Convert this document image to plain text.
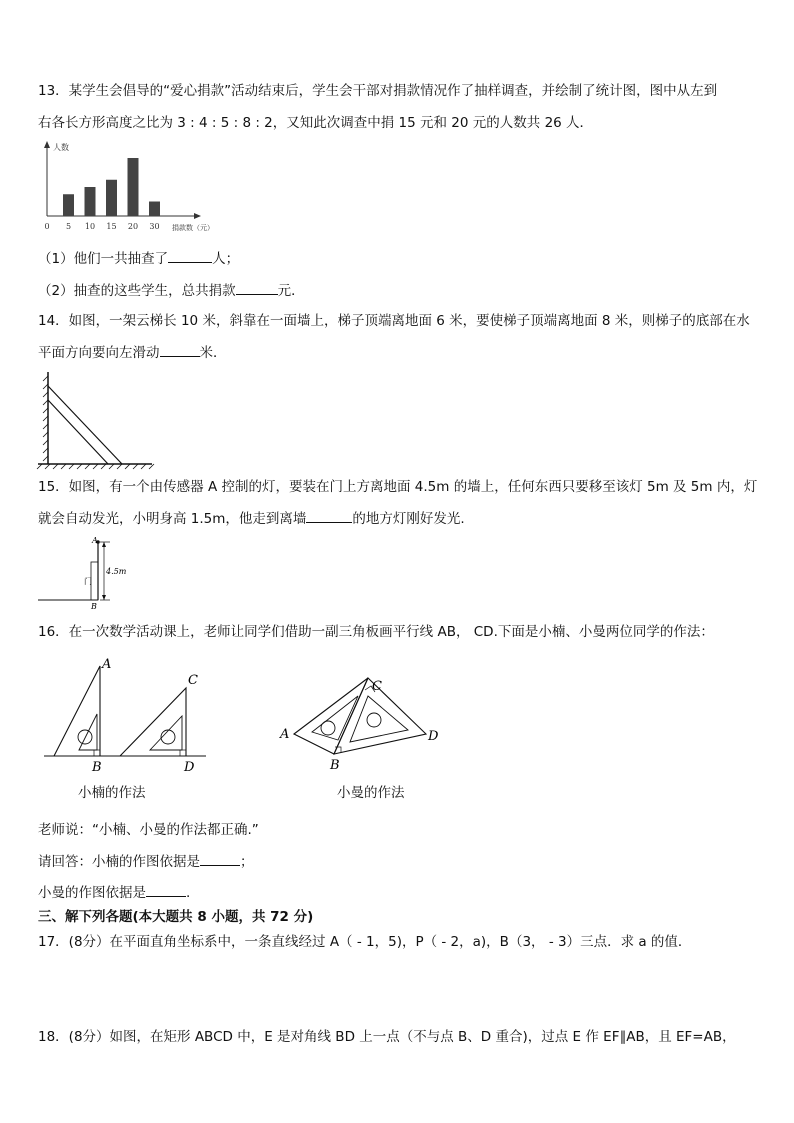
13．某学生会倡导的“爱心捐款”活动结束后，学生会干部对捐款情况作了抽样调查，并绘制了统计图，图中从左到
右各长方形高度之比为 3 : 4 : 5 : 8 : 2，又知此次调查中捐 15 元和 20 元的人数共 26 人．
人数
0 5 10 15 20 30 捐款数（元）
（1）他们一共抽查了	人；
（2）抽查的这些学生，总共捐款	元．
14．如图，一架云梯长 10 米，斜靠在一面墙上，梯子顶端离地面 6 米，要使梯子顶端离地面 8 米，则梯子的底部在水
平面方向要向左滑动	米．
15．如图，有一个由传感器 A 控制的灯，要装在门上方离地面 4.5m 的墙上，任何东西只要移至该灯 5m 及 5m 内，灯
就会自动发光，小明身高 1.5m，他走到离墙	的地方灯刚好发光.
A
门
B
4.5m
16．在一次数学活动课上，老师让同学们借助一副三角板画平行线 AB， CD.下面是小楠、小曼两位同学的作法：
A
B
C
D
A
B
C
D
小楠的作法	小曼的作法
老师说：“小楠、小曼的作法都正确.”
请回答：小楠的作图依据是	；
小曼的作图依据是	.
三、解下列各题(本大题共 8 小题，共 72 分)
17．(8分）在平面直角坐标系中，一条直线经过 A（ - 1，5)，P（ - 2，a)，B（3， - 3）三点．求 a 的值．
18．(8分）如图，在矩形 ABCD 中，E 是对角线 BD 上一点（不与点 B、D 重合)，过点 E 作 EF∥AB，且 EF=AB，
